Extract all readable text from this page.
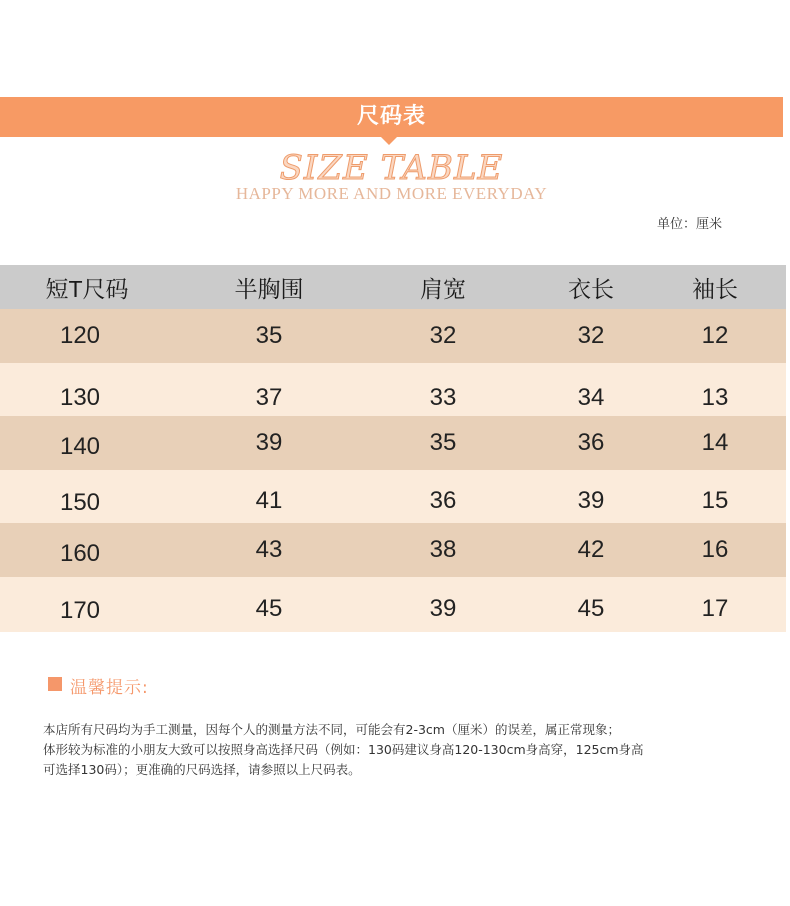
尺码表
SIZE TABLE
HAPPY MORE AND MORE EVERYDAY
单位：厘米
短T尺码	半胸围	肩宽	衣长	袖长
120	35	32	32	12
130	37	33	34	13
140	39	35	36	14
150	41	36	39	15
160	43	38	42	16
170	45	39	45	17
温馨提示:
本店所有尺码均为手工测量，因每个人的测量方法不同，可能会有2-3cm（厘米）的误差，属正常现象；
体形较为标准的小朋友大致可以按照身高选择尺码（例如：130码建议身高120-130cm身高穿，125cm身高
可选择130码）；更准确的尺码选择，请参照以上尺码表。
